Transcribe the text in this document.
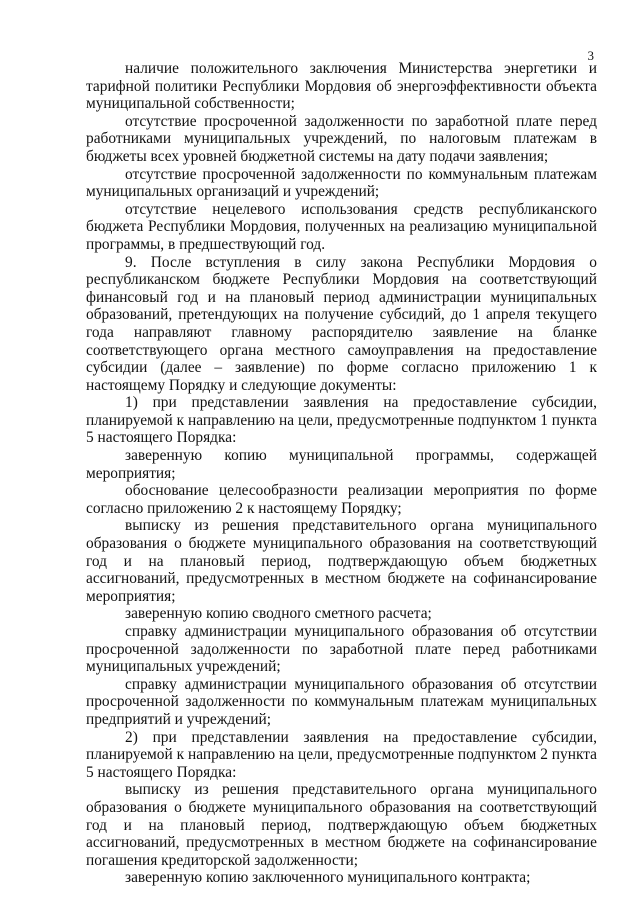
3

наличие положительного заключения Министерства энергетики и тарифной политики Республики Мордовия об энергоэффективности объекта муниципальной собственности;

отсутствие просроченной задолженности по заработной плате перед работниками муниципальных учреждений, по налоговым платежам в бюджеты всех уровней бюджетной системы на дату подачи заявления;

отсутствие просроченной задолженности по коммунальным платежам муниципальных организаций и учреждений;

отсутствие нецелевого использования средств республиканского бюджета Республики Мордовия, полученных на реализацию муниципальной программы, в предшествующий год.

9. После вступления в силу закона Республики Мордовия о республиканском бюджете Республики Мордовия на соответствующий финансовый год и на плановый период администрации муниципальных образований, претендующих на получение субсидий, до 1 апреля текущего года направляют главному распорядителю заявление на бланке соответствующего органа местного самоуправления на предоставление субсидии (далее – заявление) по форме согласно приложению 1 к настоящему Порядку и следующие документы:

1) при представлении заявления на предоставление субсидии, планируемой к направлению на цели, предусмотренные подпунктом 1 пункта 5 настоящего Порядка:

заверенную копию муниципальной программы, содержащей мероприятия;

обоснование целесообразности реализации мероприятия по форме согласно приложению 2 к настоящему Порядку;

выписку из решения представительного органа муниципального образования о бюджете муниципального образования на соответствующий год и на плановый период, подтверждающую объем бюджетных ассигнований, предусмотренных в местном бюджете на софинансирование мероприятия;

заверенную копию сводного сметного расчета;

справку администрации муниципального образования об отсутствии просроченной задолженности по заработной плате перед работниками муниципальных учреждений;

справку администрации муниципального образования об отсутствии просроченной задолженности по коммунальным платежам муниципальных предприятий и учреждений;

2) при представлении заявления на предоставление субсидии, планируемой к направлению на цели, предусмотренные подпунктом 2 пункта 5 настоящего Порядка:

выписку из решения представительного органа муниципального образования о бюджете муниципального образования на соответствующий год и на плановый период, подтверждающую объем бюджетных ассигнований, предусмотренных в местном бюджете на софинансирование погашения кредиторской задолженности;

заверенную копию заключенного муниципального контракта;
